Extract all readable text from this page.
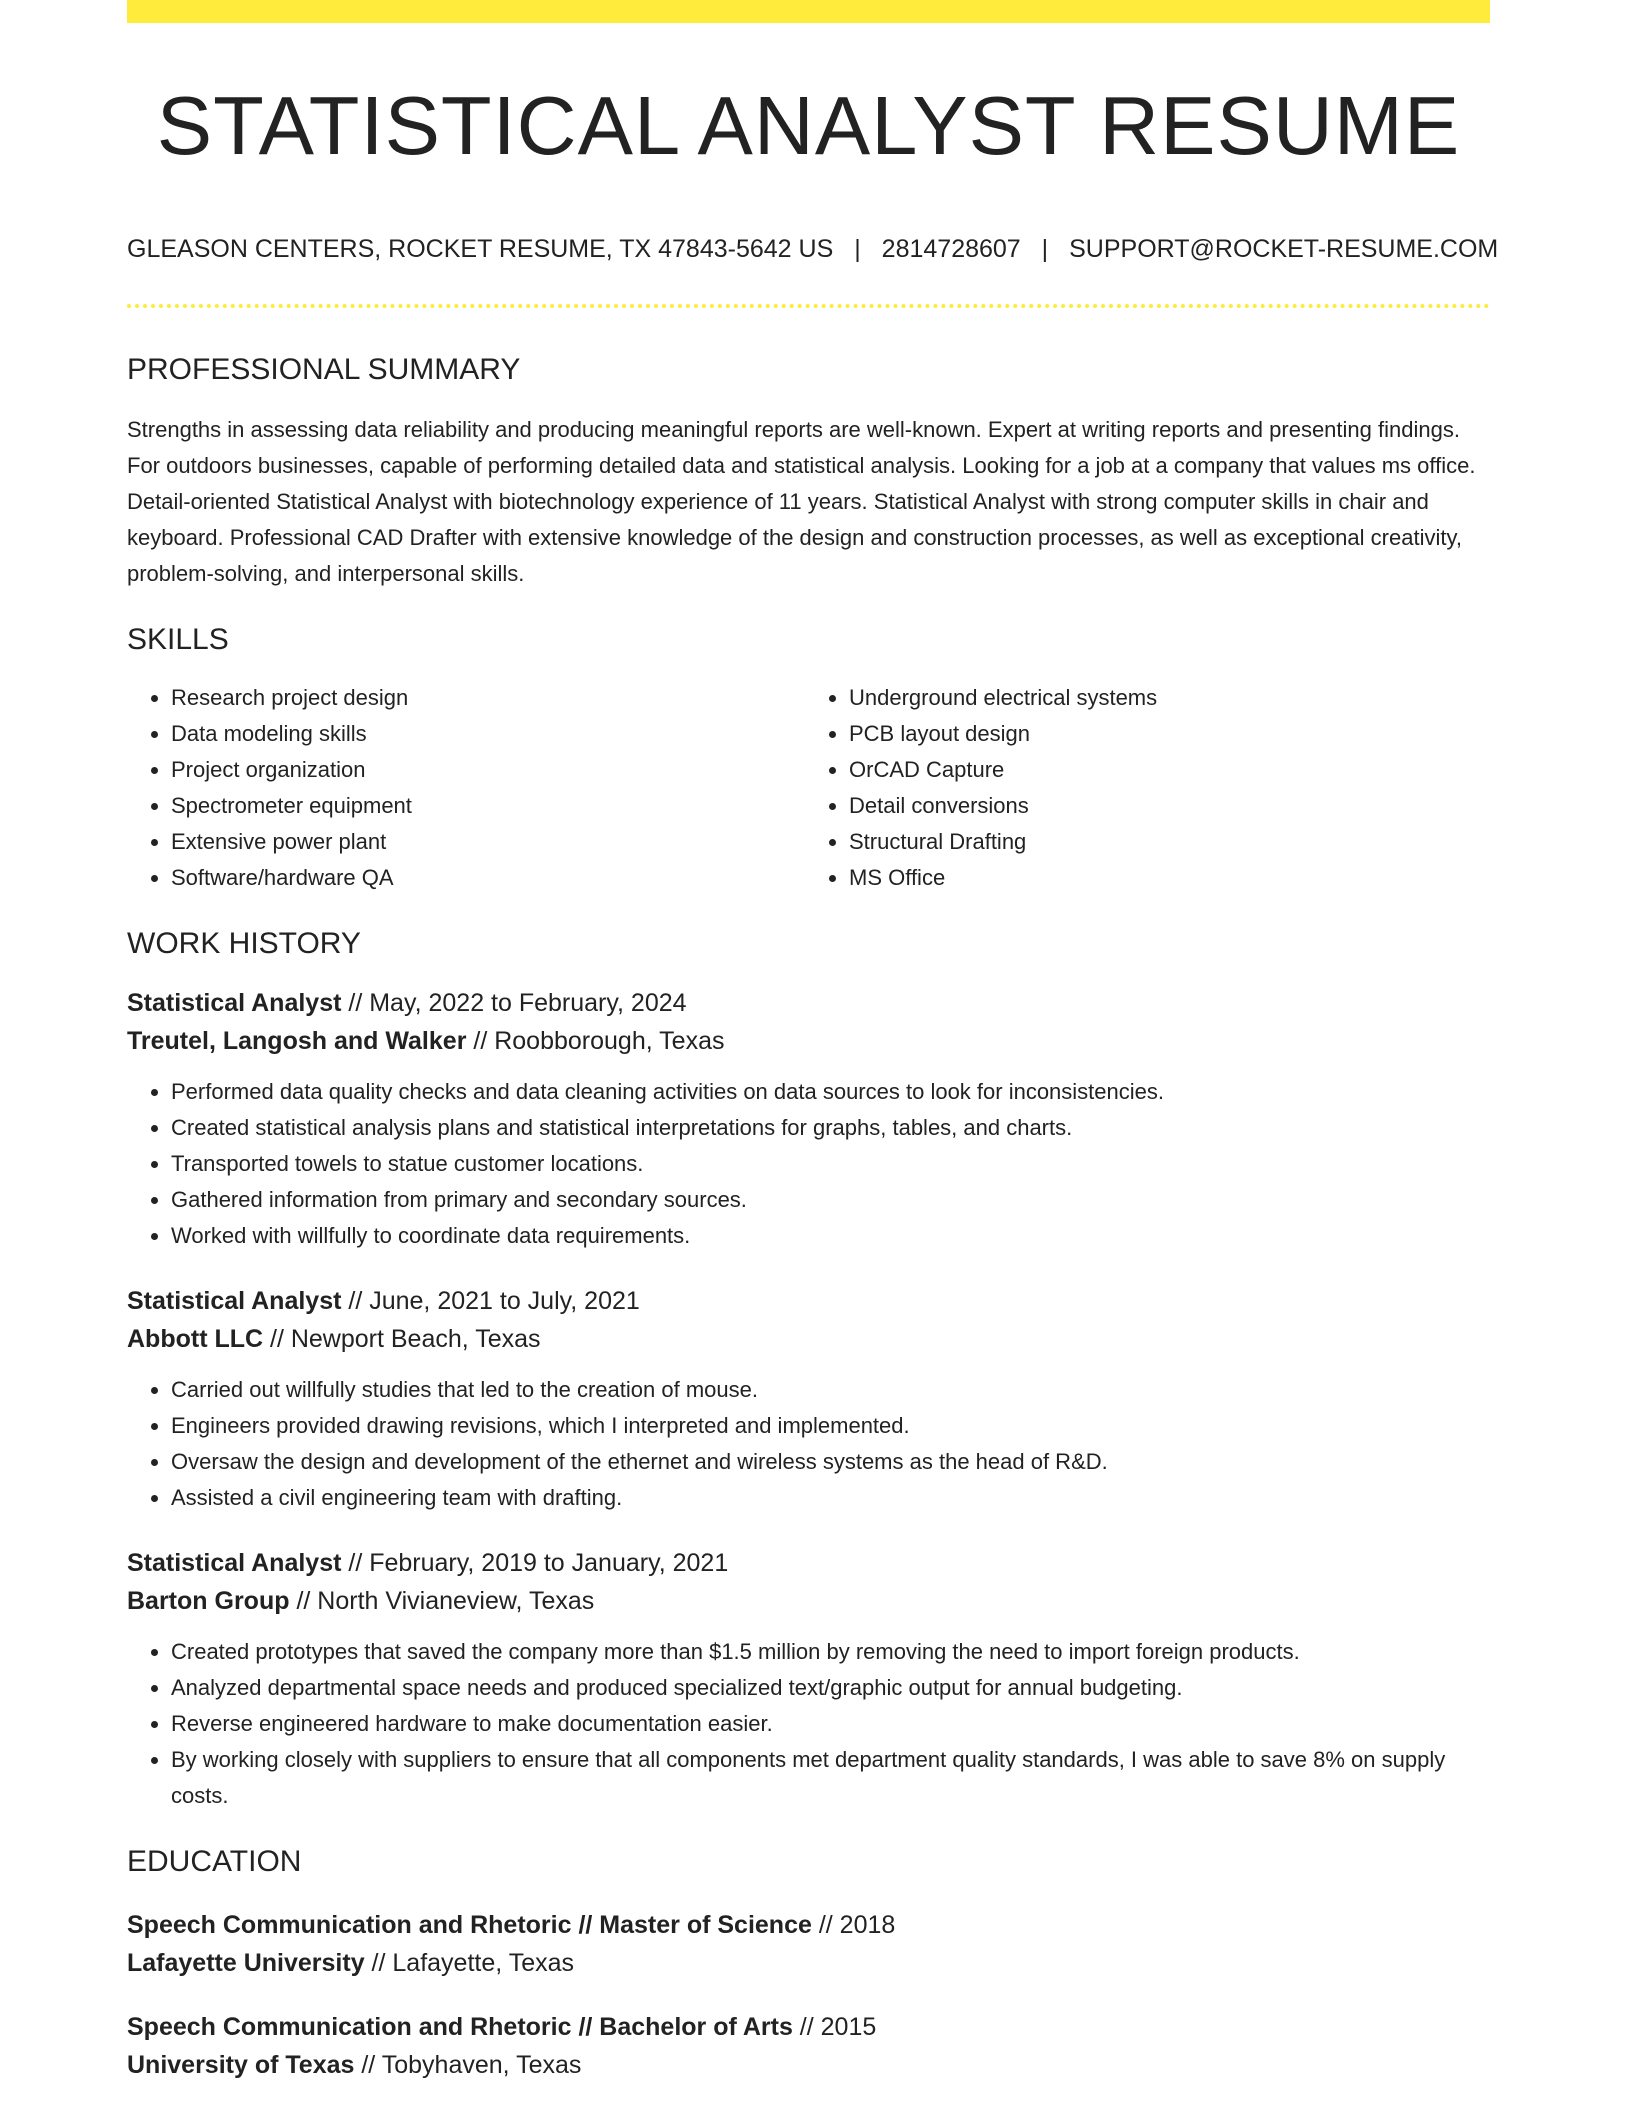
STATISTICAL ANALYST RESUME
GLEASON CENTERS, ROCKET RESUME, TX 47843-5642 US | 2814728607 | SUPPORT@ROCKET-RESUME.COM
PROFESSIONAL SUMMARY

Strengths in assessing data reliability and producing meaningful reports are well-known. Expert at writing reports and presenting findings. For outdoors businesses, capable of performing detailed data and statistical analysis. Looking for a job at a company that values ms office. Detail-oriented Statistical Analyst with biotechnology experience of 11 years. Statistical Analyst with strong computer skills in chair and keyboard. Professional CAD Drafter with extensive knowledge of the design and construction processes, as well as exceptional creativity, problem-solving, and interpersonal skills.

SKILLS
• Research project design
• Data modeling skills
• Project organization
• Spectrometer equipment
• Extensive power plant
• Software/hardware QA
• Underground electrical systems
• PCB layout design
• OrCAD Capture
• Detail conversions
• Structural Drafting
• MS Office
WORK HISTORY
Statistical Analyst // May, 2022 to February, 2024
Treutel, Langosh and Walker // Roobborough, Texas
• Performed data quality checks and data cleaning activities on data sources to look for inconsistencies.
• Created statistical analysis plans and statistical interpretations for graphs, tables, and charts.
• Transported towels to statue customer locations.
• Gathered information from primary and secondary sources.
• Worked with willfully to coordinate data requirements.
Statistical Analyst // June, 2021 to July, 2021
Abbott LLC // Newport Beach, Texas
• Carried out willfully studies that led to the creation of mouse.
• Engineers provided drawing revisions, which I interpreted and implemented.
• Oversaw the design and development of the ethernet and wireless systems as the head of R&D.
• Assisted a civil engineering team with drafting.
Statistical Analyst // February, 2019 to January, 2021
Barton Group // North Vivianeview, Texas
• Created prototypes that saved the company more than $1.5 million by removing the need to import foreign products.
• Analyzed departmental space needs and produced specialized text/graphic output for annual budgeting.
• Reverse engineered hardware to make documentation easier.
• By working closely with suppliers to ensure that all components met department quality standards, I was able to save 8% on supply costs.
EDUCATION
Speech Communication and Rhetoric // Master of Science // 2018
Lafayette University // Lafayette, Texas
Speech Communication and Rhetoric // Bachelor of Arts // 2015
University of Texas // Tobyhaven, Texas
